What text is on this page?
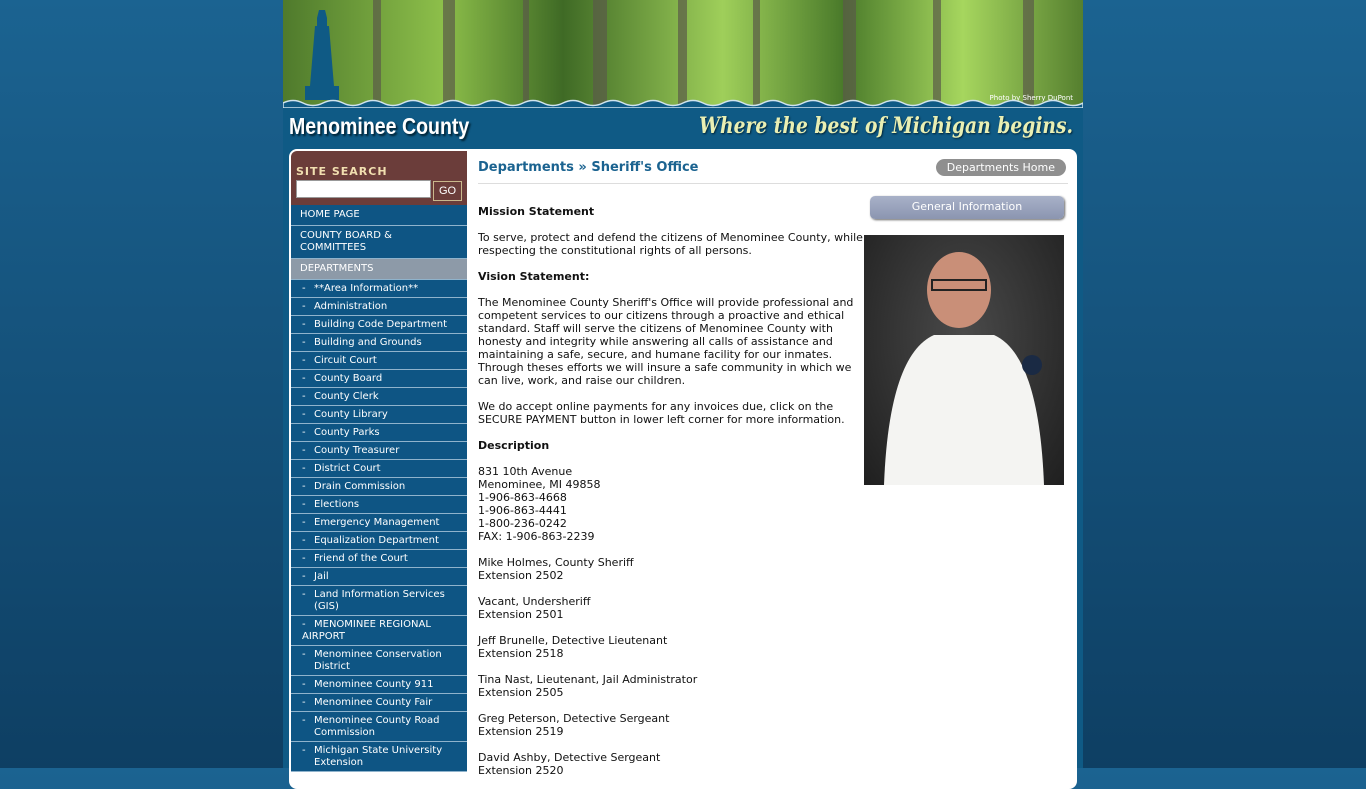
Photo by Sherry DuPont
Menominee County	Where the best of Michigan begins.
SITE SEARCH
GO
HOME PAGE
COUNTY BOARD & COMMITTEES
DEPARTMENTS
- **Area Information**
- Administration
- Building Code Department
- Building and Grounds
- Circuit Court
- County Board
- County Clerk
- County Library
- County Parks
- County Treasurer
- District Court
- Drain Commission
- Elections
- Emergency Management
- Equalization Department
- Friend of the Court
- Jail
- Land Information Services (GIS)
- MENOMINEE REGIONAL AIRPORT
- Menominee Conservation District
- Menominee County 911
- Menominee County Fair
- Menominee County Road Commission
- Michigan State University Extension
Departments » Sheriff's Office	Departments Home
General Information
Mission Statement

To serve, protect and defend the citizens of Menominee County, while respecting the constitutional rights of all persons.

Vision Statement:

The Menominee County Sheriff's Office will provide professional and competent services to our citizens through a proactive and ethical standard. Staff will serve the citizens of Menominee County with honesty and integrity while answering all calls of assistance and maintaining a safe, secure, and humane facility for our inmates. Through theses efforts we will insure a safe community in which we can live, work, and raise our children.

We do accept online payments for any invoices due, click on the SECURE PAYMENT button in lower left corner for more information.

Description

831 10th Avenue
Menominee, MI 49858
1-906-863-4668
1-906-863-4441
1-800-236-0242
FAX: 1-906-863-2239

Mike Holmes, County Sheriff
Extension 2502

Vacant, Undersheriff
Extension 2501

Jeff Brunelle, Detective Lieutenant
Extension 2518

Tina Nast, Lieutenant, Jail Administrator
Extension 2505

Greg Peterson, Detective Sergeant
Extension 2519

David Ashby, Detective Sergeant
Extension 2520
